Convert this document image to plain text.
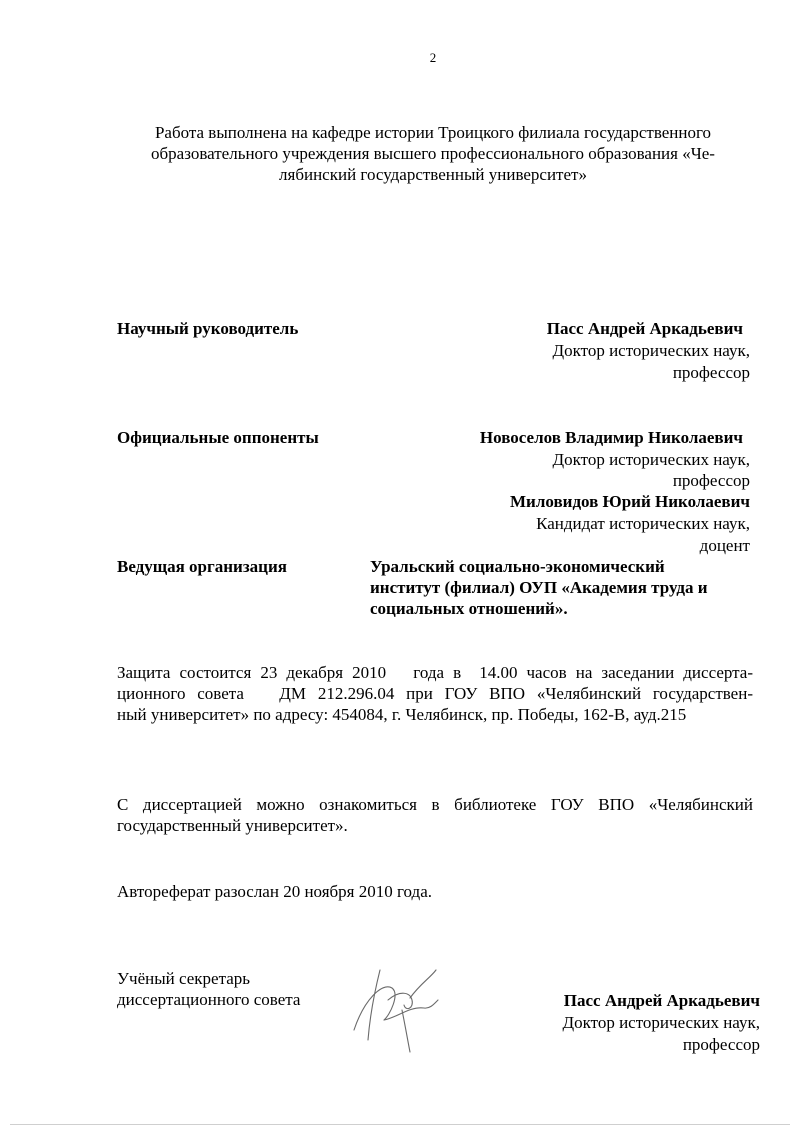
2
Работа выполнена на кафедре истории Троицкого филиала государственного
образовательного учреждения высшего профессионального образования «Че-
лябинский государственный университет»
Научный руководитель	Пасс Андрей Аркадьевич
Доктор исторических наук,
профессор
Официальные оппоненты	Новоселов Владимир Николаевич
Доктор исторических наук,
профессор
Миловидов Юрий Николаевич
Кандидат исторических наук,
доцент
Ведущая организация	Уральский социально-экономический
институт (филиал) ОУП «Академия труда и
социальных отношений».
Защита состоится 23 декабря 2010   года в  14.00 часов на заседании диссерта-
ционного совета   ДМ 212.296.04 при ГОУ ВПО «Челябинский государствен-
ный университет» по адресу: 454084, г. Челябинск, пр. Победы, 162-В, ауд.215
С диссертацией можно ознакомиться в библиотеке ГОУ ВПО «Челябинский
государственный университет».
Автореферат разослан 20 ноября 2010 года.
Учёный секретарь
диссертационного совета	Пасс Андрей Аркадьевич
Доктор исторических наук,
профессор
